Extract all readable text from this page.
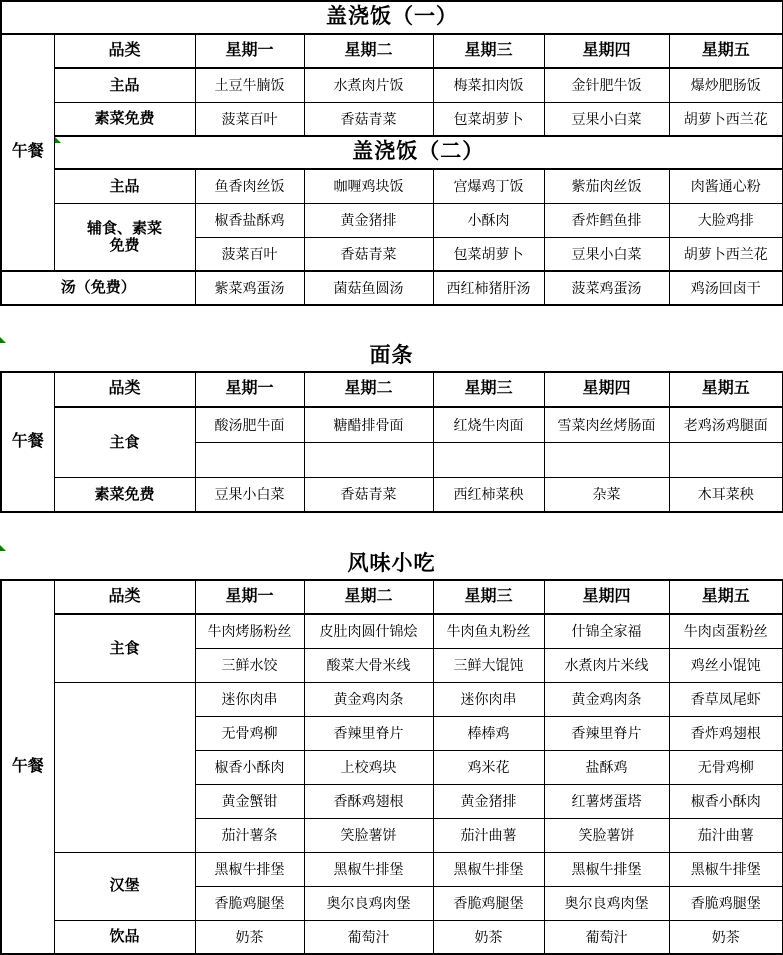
盖浇饭（一）						
午餐	品类	星期一	星期二	星期三	星期四	星期五
	主品	土豆牛腩饭	水煮肉片饭	梅菜扣肉饭	金针肥牛饭	爆炒肥肠饭
	素菜免费	菠菜百叶	香菇青菜	包菜胡萝卜	豆果小白菜	胡萝卜西兰花

盖浇饭（二）					
	主品	鱼香肉丝饭	咖喱鸡块饭	宫爆鸡丁饭	紫茄肉丝饭	肉酱通心粉

	辅食、素菜
免费	椒香盐酥鸡	黄金猪排	小酥肉	香炸鳕鱼排	大脸鸡排
		菠菜百叶	香菇青菜	包菜胡萝卜	豆果小白菜	胡萝卜西兰花
汤（免费）		紫菜鸡蛋汤	菌菇鱼圆汤	西红柿猪肝汤	菠菜鸡蛋汤	鸡汤回卤干
面条
午餐	品类	星期一	星期二	星期三	星期四	星期五
	主食	酸汤肥牛面	糖醋排骨面	红烧牛肉面	雪菜肉丝烤肠面	老鸡汤鸡腿面

	素菜免费	豆果小白菜	香菇青菜	西红柿菜秧	杂菜	木耳菜秧
风味小吃
午餐	品类	星期一	星期二	星期三	星期四	星期五
	主食	牛肉烤肠粉丝	皮肚肉圆什锦烩	牛肉鱼丸粉丝	什锦全家福	牛肉卤蛋粉丝
		三鲜水饺	酸菜大骨米线	三鲜大馄饨	水煮肉片米线	鸡丝小馄饨
		迷你肉串	黄金鸡肉条	迷你肉串	黄金鸡肉条	香草凤尾虾
		无骨鸡柳	香辣里脊片	棒棒鸡	香辣里脊片	香炸鸡翅根
		椒香小酥肉	上校鸡块	鸡米花	盐酥鸡	无骨鸡柳
		黄金蟹钳	香酥鸡翅根	黄金猪排	红薯烤蛋塔	椒香小酥肉
		茄汁薯条	笑脸薯饼	茄汁曲薯	笑脸薯饼	茄汁曲薯
	汉堡	黑椒牛排堡	黑椒牛排堡	黑椒牛排堡	黑椒牛排堡	黑椒牛排堡
		香脆鸡腿堡	奥尔良鸡肉堡	香脆鸡腿堡	奥尔良鸡肉堡	香脆鸡腿堡
	饮品	奶茶	葡萄汁	奶茶	葡萄汁	奶茶
